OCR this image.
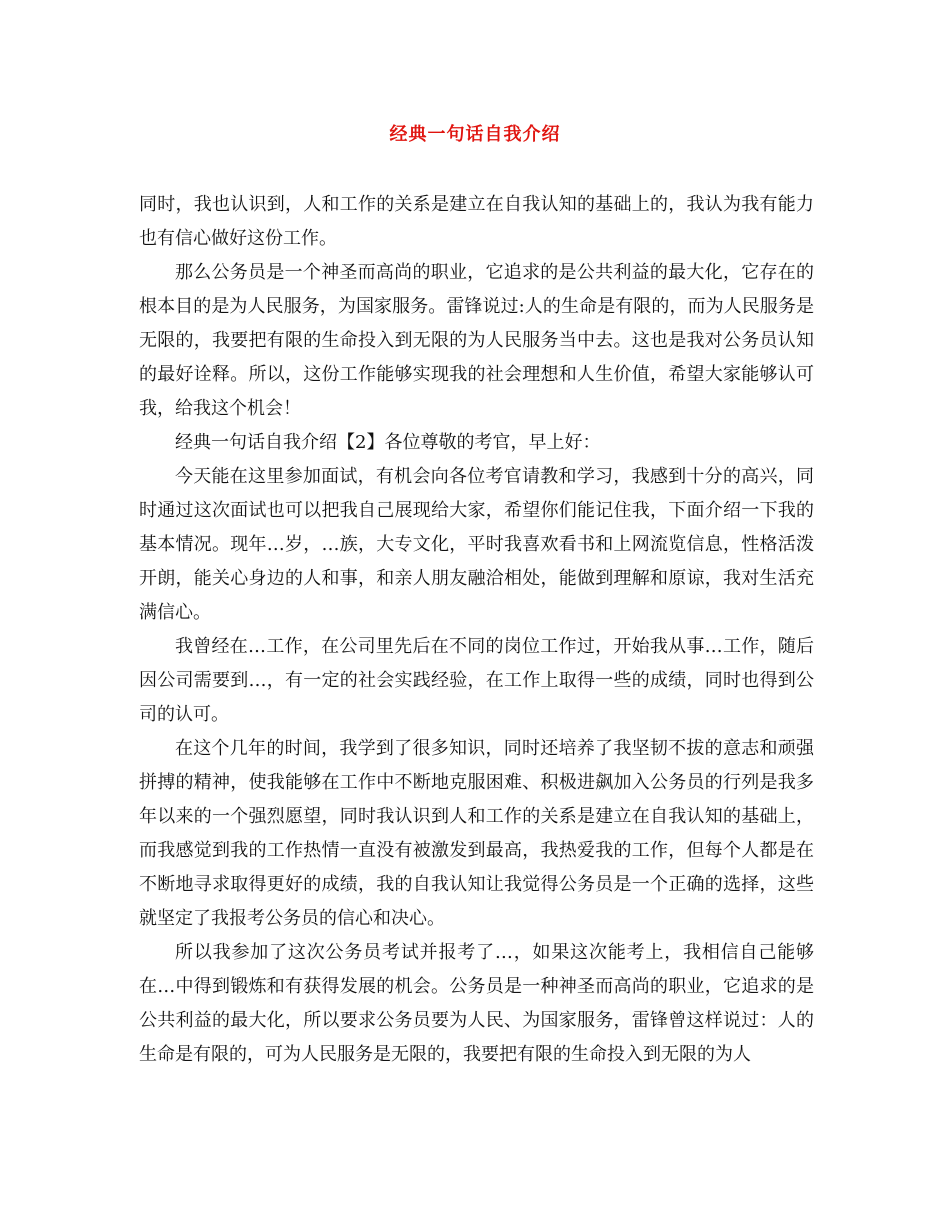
经典一句话自我介绍

同时，我也认识到，人和工作的关系是建立在自我认知的基础上的，我认为我有能力也有信心做好这份工作。

那么公务员是一个神圣而高尚的职业，它追求的是公共利益的最大化，它存在的根本目的是为人民服务，为国家服务。雷锋说过:人的生命是有限的，而为人民服务是无限的，我要把有限的生命投入到无限的为人民服务当中去。这也是我对公务员认知的最好诠释。所以，这份工作能够实现我的社会理想和人生价值，希望大家能够认可我，给我这个机会！

经典一句话自我介绍【2】各位尊敬的考官，早上好：

今天能在这里参加面试，有机会向各位考官请教和学习，我感到十分的高兴，同时通过这次面试也可以把我自己展现给大家，希望你们能记住我，下面介绍一下我的基本情况。现年…岁，…族，大专文化，平时我喜欢看书和上网流览信息，性格活泼开朗，能关心身边的人和事，和亲人朋友融洽相处，能做到理解和原谅，我对生活充满信心。

我曾经在…工作，在公司里先后在不同的岗位工作过，开始我从事…工作，随后因公司需要到…，有一定的社会实践经验，在工作上取得一些的成绩，同时也得到公司的认可。

在这个几年的时间，我学到了很多知识，同时还培养了我坚韧不拔的意志和顽强拼搏的精神，使我能够在工作中不断地克服困难、积极进飙加入公务员的行列是我多年以来的一个强烈愿望，同时我认识到人和工作的关系是建立在自我认知的基础上，而我感觉到我的工作热情一直没有被激发到最高，我热爱我的工作，但每个人都是在不断地寻求取得更好的成绩，我的自我认知让我觉得公务员是一个正确的选择，这些就坚定了我报考公务员的信心和决心。

所以我参加了这次公务员考试并报考了…，如果这次能考上，我相信自己能够在…中得到锻炼和有获得发展的机会。公务员是一种神圣而高尚的职业，它追求的是公共利益的最大化，所以要求公务员要为人民、为国家服务，雷锋曾这样说过：人的生命是有限的，可为人民服务是无限的，我要把有限的生命投入到无限的为人
